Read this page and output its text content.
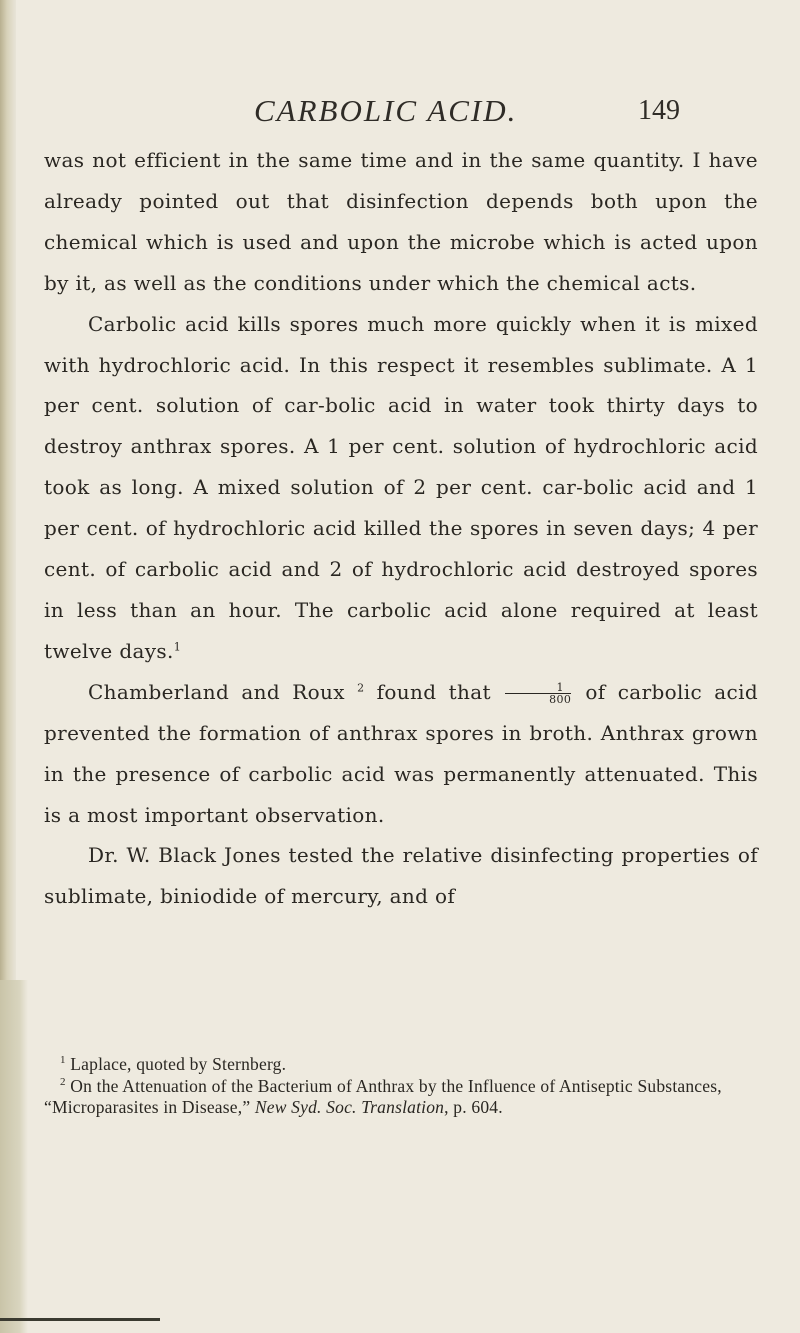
CARBOLIC ACID.	149

was not efficient in the same time and in the same quantity. I have already pointed out that disinfection depends both upon the chemical which is used and upon the microbe which is acted upon by it, as well as the conditions under which the chemical acts.

Carbolic acid kills spores much more quickly when it is mixed with hydrochloric acid. In this respect it resembles sublimate. A 1 per cent. solution of car-bolic acid in water took thirty days to destroy anthrax spores. A 1 per cent. solution of hydrochloric acid took as long. A mixed solution of 2 per cent. car-bolic acid and 1 per cent. of hydrochloric acid killed the spores in seven days; 4 per cent. of carbolic acid and 2 of hydrochloric acid destroyed spores in less than an hour. The carbolic acid alone required at least twelve days.$^1$

Chamberland and Roux $^2$ found that $\frac{1}{800}$ of carbolic acid prevented the formation of anthrax spores in broth. Anthrax grown in the presence of carbolic acid was permanently attenuated. This is a most important observation.

Dr. W. Black Jones tested the relative disinfecting properties of sublimate, biniodide of mercury, and of

$^1$ Laplace, quoted by Sternberg.

$^2$ On the Attenuation of the Bacterium of Anthrax by the Influence of Antiseptic Substances, “Microparasites in Disease,” New Syd. Soc. Translation, p. 604.
